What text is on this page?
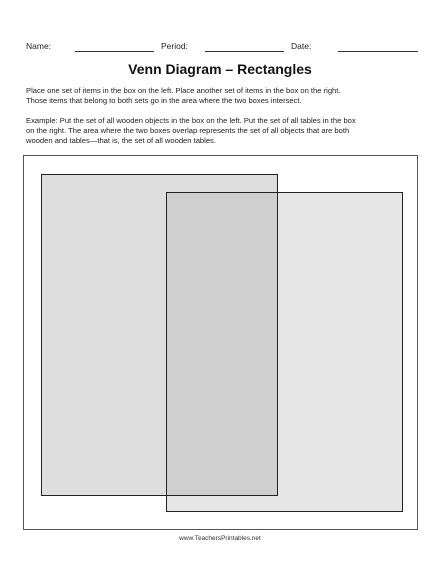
Name:	Period:	Date:
Venn Diagram – Rectangles
Place one set of items in the box on the left. Place another set of items in the box on the right.
Those items that belong to both sets go in the area where the two boxes intersect.
Example: Put the set of all wooden objects in the box on the left. Put the set of all tables in the box
on the right. The area where the two boxes overlap represents the set of all objects that are both
wooden and tables—that is, the set of all wooden tables.
www.TeachersPrintables.net
